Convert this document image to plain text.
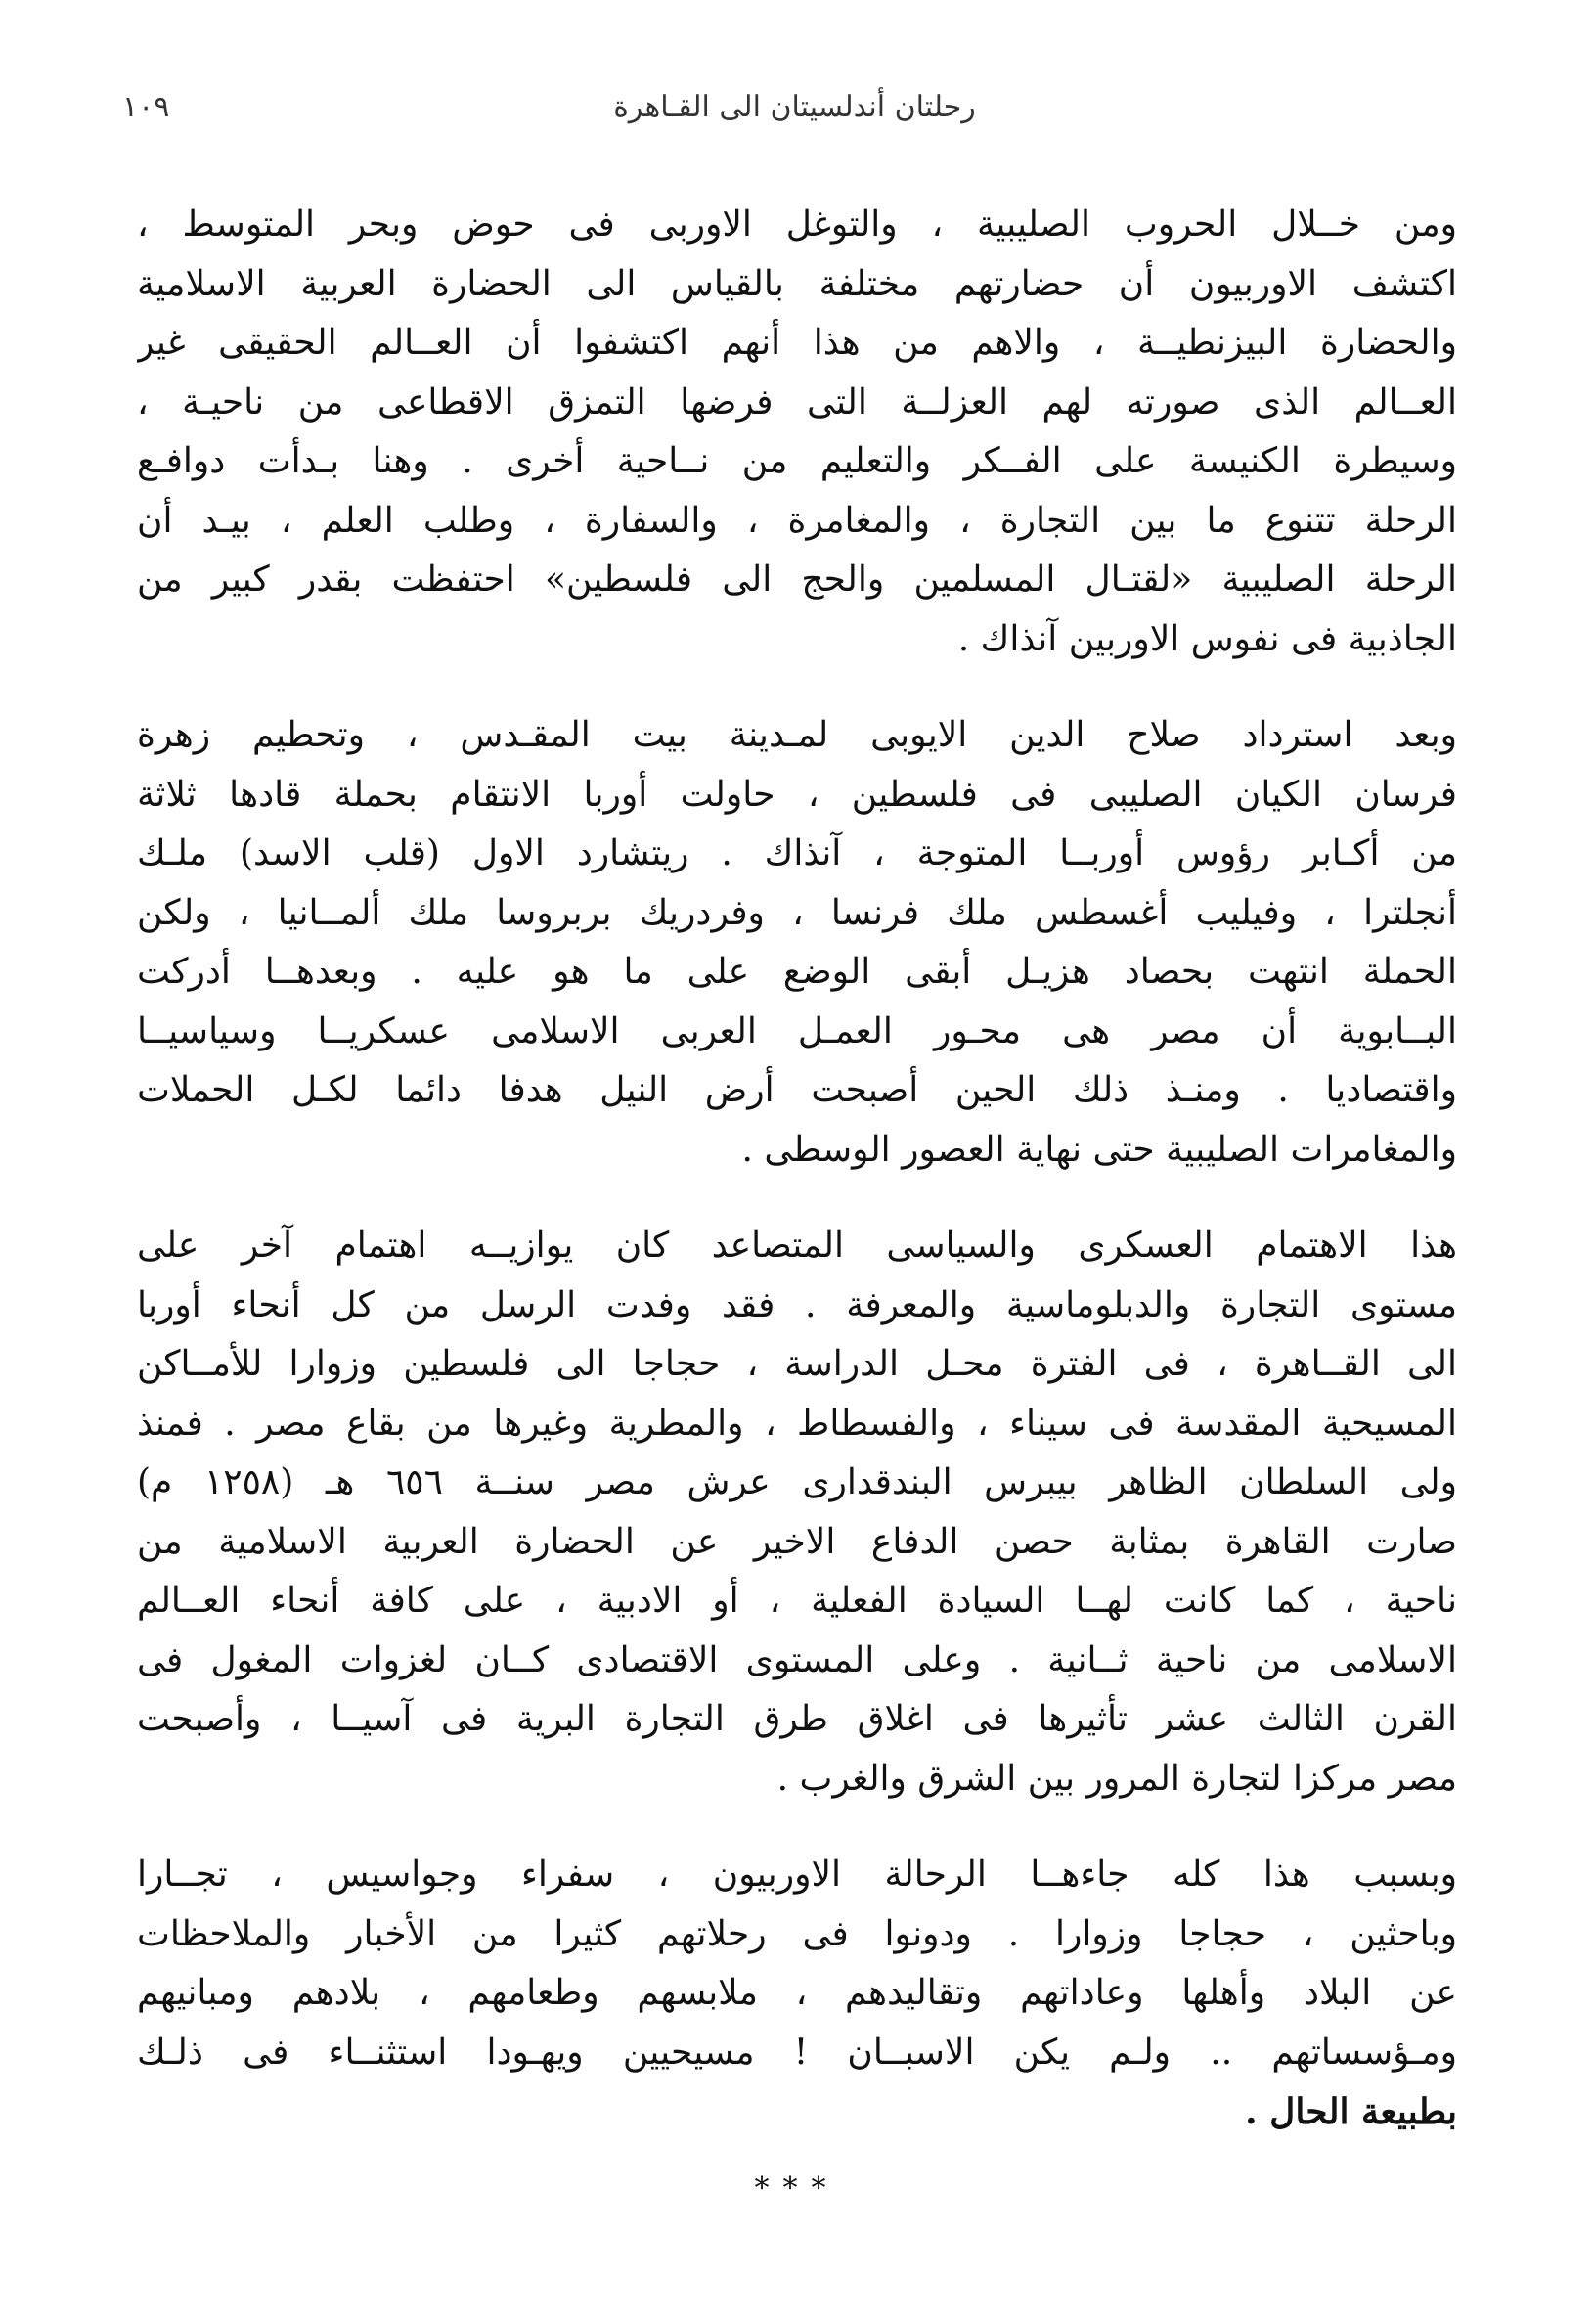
رحلتان أندلسيتان الى القـاهرة
١٠٩

ومن خــلال الحروب الصليبية ، والتوغل الاوربى فى حوض وبحر المتوسط ،
اكتشف الاوربيون أن حضارتهم مختلفة بالقياس الى الحضارة العربية الاسلامية
والحضارة البيزنطيــة ، والاهم من هذا أنهم اكتشفوا أن العــالم الحقيقى غير
العــالم الذى صورته لهم العزلــة التى فرضها التمزق الاقطاعى من ناحيـة ،
وسيطرة الكنيسة على الفــكر والتعليم من نــاحية أخرى . وهنا بـدأت دوافـع
الرحلة تتنوع ما بين التجارة ، والمغامرة ، والسفارة ، وطلب العلم ، بيـد أن
الرحلة الصليبية «لقتـال المسلمين والحج الى فلسطين» احتفظت بقدر كبير من
الجاذبية فى نفوس الاوربين آنذاك .

وبعد استرداد صلاح الدين الايوبى لمـدينة بيت المقـدس ، وتحطيم زهرة
فرسان الكيان الصليبى فى فلسطين ، حاولت أوربا الانتقام بحملة قادها ثلاثة
من أكـابر رؤوس أوربــا المتوجة ، آنذاك . ريتشارد الاول (قلب الاسد) ملـك
أنجلترا ، وفيليب أغسطس ملك فرنسا ، وفردريك بربروسا ملك ألمــانيا ، ولكن
الحملة انتهت بحصاد هزيـل أبقى الوضع على ما هو عليه . وبعدهــا أدركت
البــابوية أن مصر هى محـور العمـل العربى الاسلامى عسكريــا وسياسيــا
واقتصاديا . ومنـذ ذلك الحين أصبحت أرض النيل هدفا دائما لكـل الحملات
والمغامرات الصليبية حتى نهاية العصور الوسطى .

هذا الاهتمام العسكرى والسياسى المتصاعد كان يوازيــه اهتمام آخر على
مستوى التجارة والدبلوماسية والمعرفة . فقد وفدت الرسل من كل أنحاء أوربا
الى القــاهرة ، فى الفترة محـل الدراسة ، حجاجا الى فلسطين وزوارا للأمــاكن
المسيحية المقدسة فى سيناء ، والفسطاط ، والمطرية وغيرها من بقاع مصر . فمنذ
ولى السلطان الظاهر بيبرس البندقدارى عرش مصر سنــة ٦٥٦ هـ (١٢٥٨ م)
صارت القاهرة بمثابة حصن الدفاع الاخير عن الحضارة العربية الاسلامية من
ناحية ، كما كانت لهــا السيادة الفعلية ، أو الادبية ، على كافة أنحاء العــالم
الاسلامى من ناحية ثــانية . وعلى المستوى الاقتصادى كــان لغزوات المغول فى
القرن الثالث عشر تأثيرها فى اغلاق طرق التجارة البرية فى آسيــا ، وأصبحت
مصر مركزا لتجارة المرور بين الشرق والغرب .

وبسبب هذا كله جاءهــا الرحالة الاوربيون ، سفراء وجواسيس ، تجــارا
وباحثين ، حجاجا وزوارا . ودونوا فى رحلاتهم كثيرا من الأخبار والملاحظات
عن البلاد وأهلها وعاداتهم وتقاليدهم ، ملابسهم وطعامهم ، بلادهم ومبانيهم
ومـؤسساتهم .. ولـم يكن الاسبــان ! مسيحيين ويهـودا استثنــاء فى ذلـك
بطبيعة الحال .

***
